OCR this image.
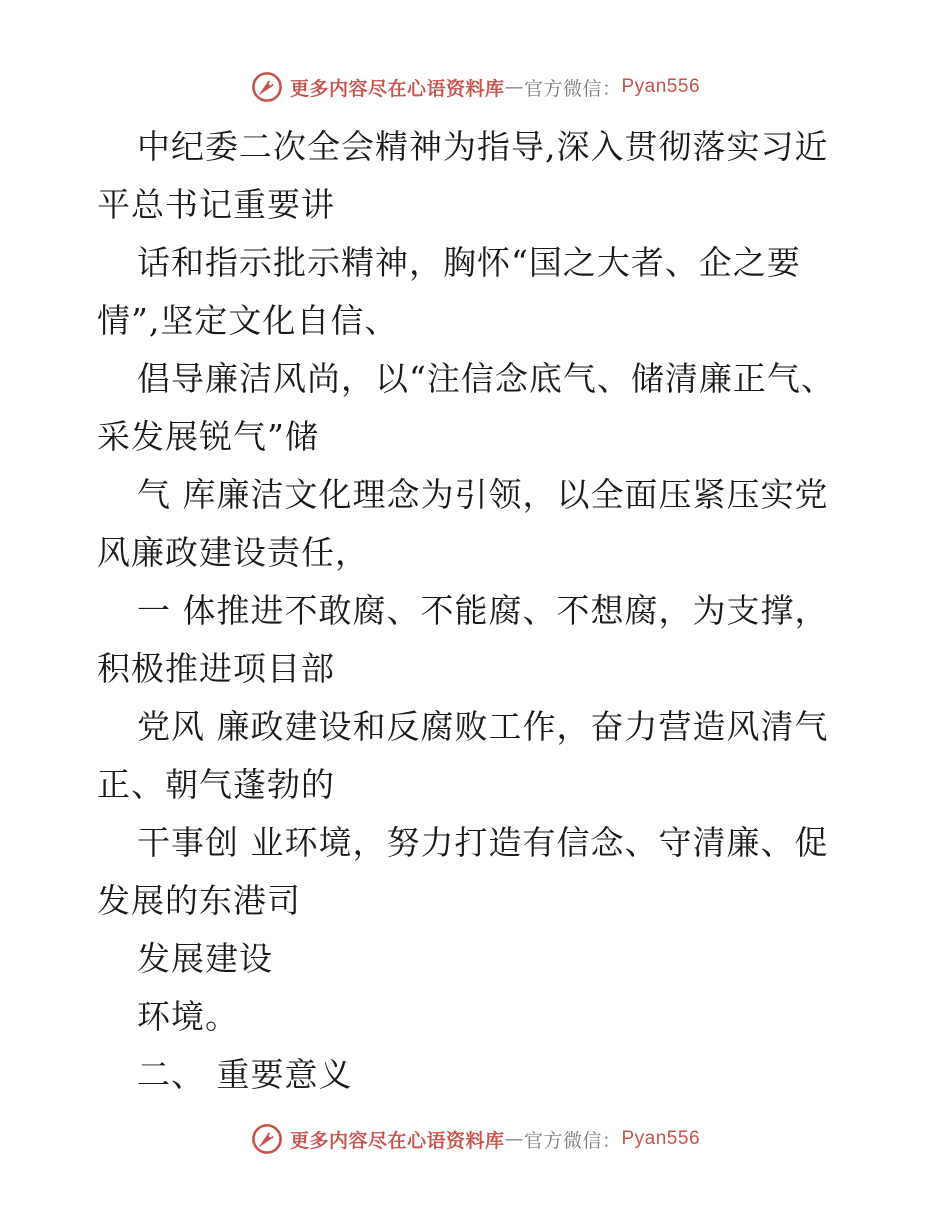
更多内容尽在心语资料库 — 官方微信： Pyan556
中纪委二次全会精神为指导,深入贯彻落实习近
平总书记重要讲
话和指示批示精神，胸怀“国之大者、企之要
情”,坚定文化自信、
倡导廉洁风尚，以“注信念底气、储清廉正气、
采发展锐气”储
气 库廉洁文化理念为引领，以全面压紧压实党
风廉政建设责任，
一 体推进不敢腐、不能腐、不想腐，为支撑，
积极推进项目部
党风 廉政建设和反腐败工作，奋力营造风清气
正、朝气蓬勃的
干事创 业环境，努力打造有信念、守清廉、促
发展的东港司
发展建设
环境。
二、 重要意义
更多内容尽在心语资料库 — 官方微信： Pyan556
